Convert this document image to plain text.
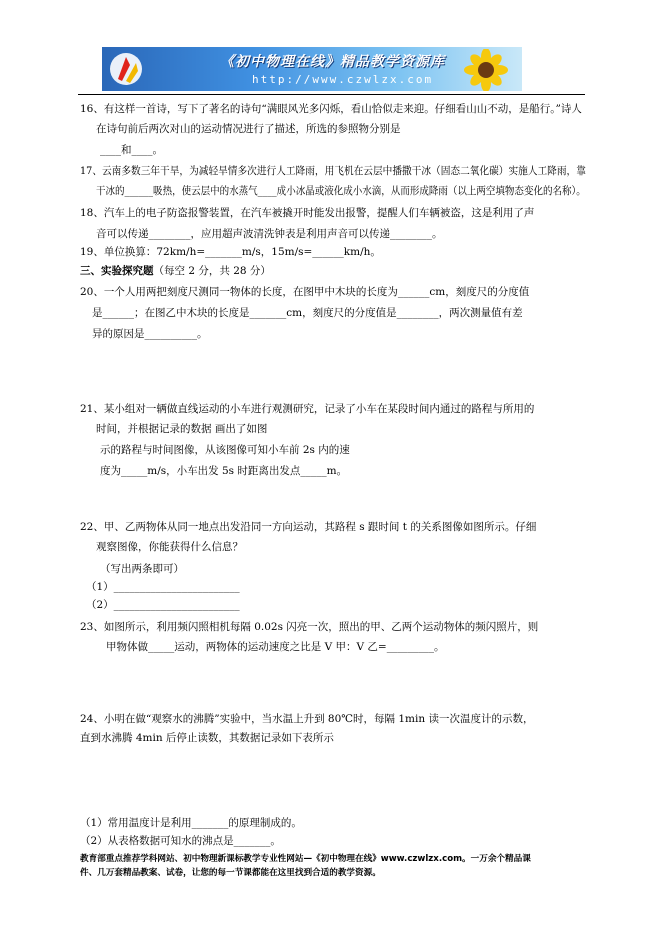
《初中物理在线》精品教学资源库
http://www.czwlzx.com
16、有这样一首诗，写下了著名的诗句“满眼风光多闪烁，看山恰似走来迎。仔细看山山不动，是船行。”诗人
在诗句前后两次对山的运动情况进行了描述，所选的参照物分别是
____和____。
17、云南多数三年干旱，为减轻旱情多次进行人工降雨，用飞机在云层中播撒干冰（固态二氧化碳）实施人工降雨，靠
干冰的______吸热，使云层中的水蒸气____成小冰晶或液化成小水滴，从而形成降雨（以上两空填物态变化的名称）。
18、汽车上的电子防盗报警装置，在汽车被撬开时能发出报警，提醒人们车辆被盗，这是利用了声
音可以传递________，应用超声波清洗钟表是利用声音可以传递________。
19、单位换算：72km/h=_______m/s，15m/s=______km/h。
三、实验探究题（每空 2 分，共 28 分）
20、一个人用两把刻度尺测同一物体的长度，在图甲中木块的长度为______cm，刻度尺的分度值
是______；在图乙中木块的长度是_______cm，刻度尺的分度值是________，两次测量值有差
异的原因是__________。
21、某小组对一辆做直线运动的小车进行观测研究，记录了小车在某段时间内通过的路程与所用的
时间，并根据记录的数据 画出了如图
示的路程与时间图像，从该图像可知小车前 2s 内的速
度为_____m/s，小车出发 5s 时距离出发点_____m。
22、甲、乙两物体从同一地点出发沿同一方向运动，其路程 s 跟时间 t 的关系图像如图所示。仔细
观察图像，你能获得什么信息？
（写出两条即可）
（1）________________________
（2）________________________
23、如图所示，利用频闪照相机每隔 0.02s 闪亮一次，照出的甲、乙两个运动物体的频闪照片，则
甲物体做_____运动，两物体的运动速度之比是 V 甲：V 乙=_________。
24、小明在做“观察水的沸腾”实验中，当水温上升到 80℃时，每隔 1min 读一次温度计的示数，
直到水沸腾 4min 后停止读数，其数据记录如下表所示
（1）常用温度计是利用_______的原理制成的。
（2）从表格数据可知水的沸点是_______。
教育部重点推荐学科网站、初中物理新课标教学专业性网站—《初中物理在线》www.czwlzx.com。一万余个精品课
件、几万套精品教案、试卷，让您的每一节课都能在这里找到合适的教学资源。
